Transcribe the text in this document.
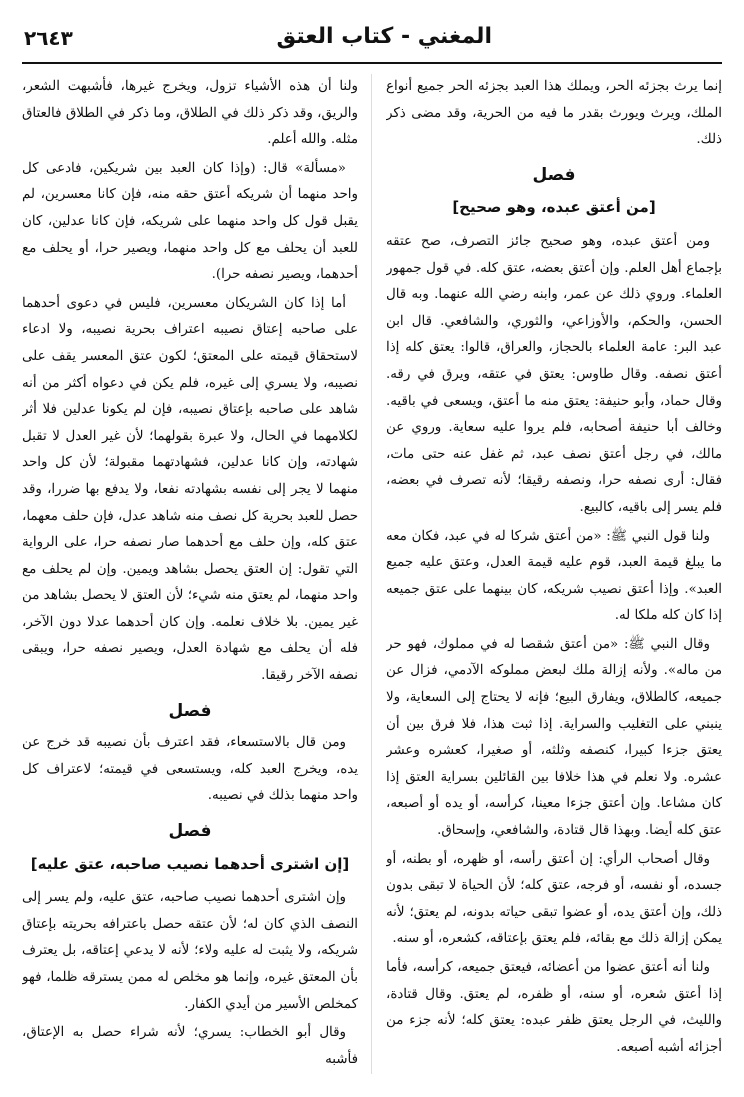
المغني - كتاب العتق
٢٦٤٣

إنما يرث بجزئه الحر، ويملك هذا العبد بجزئه الحر جميع أنواع الملك، ويرث ويورث بقدر ما فيه من الحرية، وقد مضى ذكر ذلك.

فصل
[من أعتق عبده، وهو صحيح]

ومن أعتق عبده، وهو صحيح جائز التصرف، صح عتقه بإجماع أهل العلم. وإن أعتق بعضه، عتق كله. في قول جمهور العلماء. وروي ذلك عن عمر، وابنه رضي الله عنهما. وبه قال الحسن، والحكم، والأوزاعي، والثوري، والشافعي. قال ابن عبد البر: عامة العلماء بالحجاز، والعراق، قالوا: يعتق كله إذا أعتق نصفه. وقال طاوس: يعتق في عتقه، ويرق في رقه. وقال حماد، وأبو حنيفة: يعتق منه ما أعتق، ويسعى في باقيه. وخالف أبا حنيفة أصحابه، فلم يروا عليه سعاية. وروي عن مالك، في رجل أعتق نصف عبد، ثم غفل عنه حتى مات، فقال: أرى نصفه حرا، ونصفه رقيقا؛ لأنه تصرف في بعضه، فلم يسر إلى باقيه، كالبيع.

ولنا قول النبي ﷺ: «من أعتق شركا له في عبد، فكان معه ما يبلغ قيمة العبد، قوم عليه قيمة العدل، وعتق عليه جميع العبد». وإذا أعتق نصيب شريكه، كان بينهما على عتق جميعه إذا كان كله ملكا له.

وقال النبي ﷺ: «من أعتق شقصا له في مملوك، فهو حر من ماله». ولأنه إزالة ملك لبعض مملوكه الآدمي، فزال عن جميعه، كالطلاق، ويفارق البيع؛ فإنه لا يحتاج إلى السعاية، ولا ينبني على التغليب والسراية. إذا ثبت هذا، فلا فرق بين أن يعتق جزءا كبيرا، كنصفه وثلثه، أو صغيرا، كعشره وعشر عشره. ولا نعلم في هذا خلافا بين القائلين بسراية العتق إذا كان مشاعا. وإن أعتق جزءا معينا، كرأسه، أو يده أو أصبعه، عتق كله أيضا. وبهذا قال قتادة، والشافعي، وإسحاق.

وقال أصحاب الرأي: إن أعتق رأسه، أو ظهره، أو بطنه، أو جسده، أو نفسه، أو فرجه، عتق كله؛ لأن الحياة لا تبقى بدون ذلك، وإن أعتق يده، أو عضوا تبقى حياته بدونه، لم يعتق؛ لأنه يمكن إزالة ذلك مع بقائه، فلم يعتق بإعتاقه، كشعره، أو سنه.

ولنا أنه أعتق عضوا من أعضائه، فيعتق جميعه، كرأسه، فأما إذا أعتق شعره، أو سنه، أو ظفره، لم يعتق. وقال قتادة، والليث، في الرجل يعتق ظفر عبده: يعتق كله؛ لأنه جزء من أجزائه أشبه أصبعه.

ولنا أن هذه الأشياء تزول، ويخرج غيرها، فأشبهت الشعر، والريق، وقد ذكر ذلك في الطلاق، وما ذكر في الطلاق فالعتاق مثله. والله أعلم.

«مسألة» قال: (وإذا كان العبد بين شريكين، فادعى كل واحد منهما أن شريكه أعتق حقه منه، فإن كانا معسرين، لم يقبل قول كل واحد منهما على شريكه، فإن كانا عدلين، كان للعبد أن يحلف مع كل واحد منهما، ويصير حرا، أو يحلف مع أحدهما، ويصير نصفه حرا).

أما إذا كان الشريكان معسرين، فليس في دعوى أحدهما على صاحبه إعتاق نصيبه اعتراف بحرية نصيبه، ولا ادعاء لاستحقاق قيمته على المعتق؛ لكون عتق المعسر يقف على نصيبه، ولا يسري إلى غيره، فلم يكن في دعواه أكثر من أنه شاهد على صاحبه بإعتاق نصيبه، فإن لم يكونا عدلين فلا أثر لكلامهما في الحال، ولا عبرة بقولهما؛ لأن غير العدل لا تقبل شهادته، وإن كانا عدلين، فشهادتهما مقبولة؛ لأن كل واحد منهما لا يجر إلى نفسه بشهادته نفعا، ولا يدفع بها ضررا، وقد حصل للعبد بحرية كل نصف منه شاهد عدل، فإن حلف معهما، عتق كله، وإن حلف مع أحدهما صار نصفه حرا، على الرواية التي تقول: إن العتق يحصل بشاهد ويمين. وإن لم يحلف مع واحد منهما، لم يعتق منه شيء؛ لأن العتق لا يحصل بشاهد من غير يمين. بلا خلاف نعلمه. وإن كان أحدهما عدلا دون الآخر، فله أن يحلف مع شهادة العدل، ويصير نصفه حرا، ويبقى نصفه الآخر رقيقا.

فصل

ومن قال بالاستسعاء، فقد اعترف بأن نصيبه قد خرج عن يده، ويخرج العبد كله، ويستسعى في قيمته؛ لاعتراف كل واحد منهما بذلك في نصيبه.

فصل
[إن اشترى أحدهما نصيب صاحبه، عتق عليه]

وإن اشترى أحدهما نصيب صاحبه، عتق عليه، ولم يسر إلى النصف الذي كان له؛ لأن عتقه حصل باعترافه بحريته بإعتاق شريكه، ولا يثبت له عليه ولاء؛ لأنه لا يدعي إعتاقه، بل يعترف بأن المعتق غيره، وإنما هو مخلص له ممن يسترقه ظلما، فهو كمخلص الأسير من أيدي الكفار.

وقال أبو الخطاب: يسري؛ لأنه شراء حصل به الإعتاق، فأشبه
